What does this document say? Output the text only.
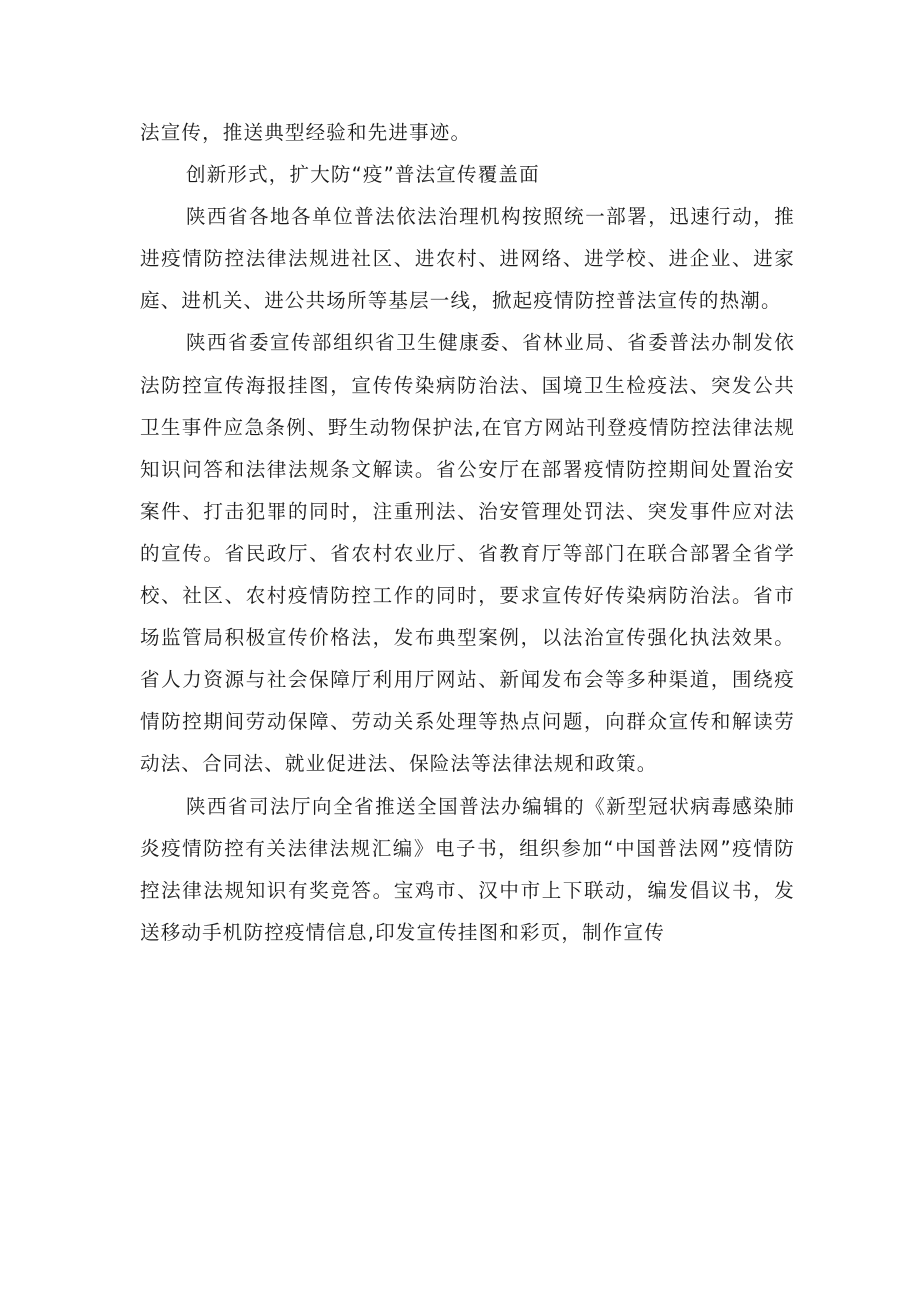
法宣传，推送典型经验和先进事迹。

创新形式，扩大防“疫”普法宣传覆盖面

陕西省各地各单位普法依法治理机构按照统一部署，迅速行动，推进疫情防控法律法规进社区、进农村、进网络、进学校、进企业、进家庭、进机关、进公共场所等基层一线，掀起疫情防控普法宣传的热潮。

陕西省委宣传部组织省卫生健康委、省林业局、省委普法办制发依法防控宣传海报挂图，宣传传染病防治法、国境卫生检疫法、突发公共卫生事件应急条例、野生动物保护法,在官方网站刊登疫情防控法律法规知识问答和法律法规条文解读。省公安厅在部署疫情防控期间处置治安案件、打击犯罪的同时，注重刑法、治安管理处罚法、突发事件应对法的宣传。省民政厅、省农村农业厅、省教育厅等部门在联合部署全省学校、社区、农村疫情防控工作的同时，要求宣传好传染病防治法。省市场监管局积极宣传价格法，发布典型案例，以法治宣传强化执法效果。省人力资源与社会保障厅利用厅网站、新闻发布会等多种渠道，围绕疫情防控期间劳动保障、劳动关系处理等热点问题，向群众宣传和解读劳动法、合同法、就业促进法、保险法等法律法规和政策。

陕西省司法厅向全省推送全国普法办编辑的《新型冠状病毒感染肺炎疫情防控有关法律法规汇编》电子书，组织参加“中国普法网”疫情防控法律法规知识有奖竞答。宝鸡市、汉中市上下联动，编发倡议书，发送移动手机防控疫情信息,印发宣传挂图和彩页，制作宣传
